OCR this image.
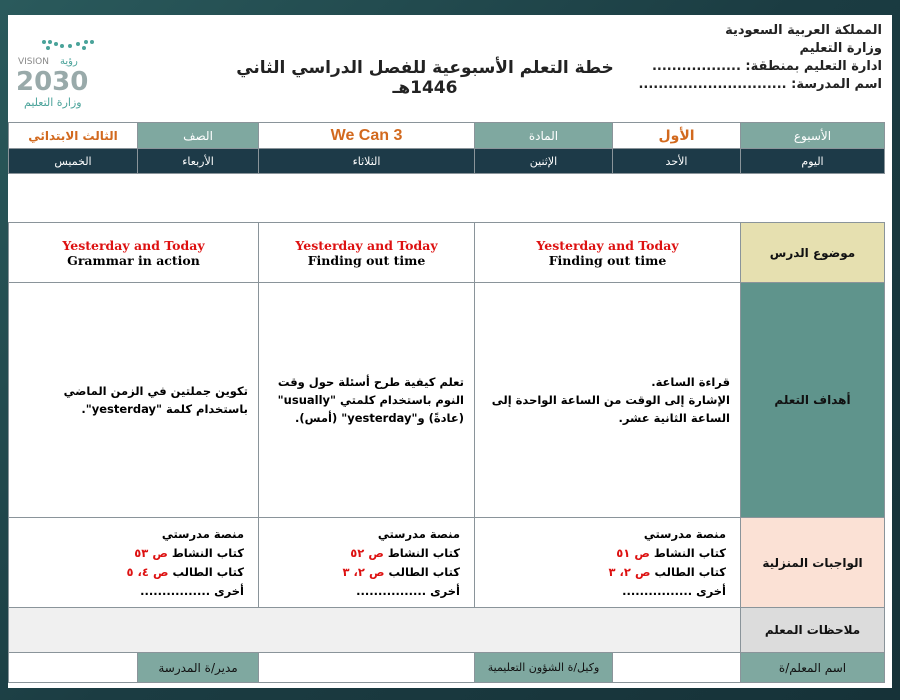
المملكة العربية السعودية
وزارة التعليم
ادارة التعليم بمنطقة: ..................
اسم المدرسة: ..............................
خطة التعلم الأسبوعية للفصل الدراسي الثاني 1446هـ
VISION رؤية
2030
وزارة التعليم
الأسبوع
الأول
المادة
We Can 3
الصف
الثالث الابتدائي
اليوم
الأحد
الإثنين
الثلاثاء
الأربعاء
الخميس
موضوع الدرس
Yesterday and Today
Finding out time
Yesterday and Today
Finding out time
Yesterday and Today
Grammar in action
أهداف التعلم
قراءة الساعة.
الإشارة إلى الوقت من الساعة الواحدة إلى الساعة الثانية عشر.
تعلم كيفية طرح أسئلة حول وقت النوم باستخدام كلمتي "usually" (عادةً) و"yesterday" (أمس).
تكوين جملتين في الزمن الماضي باستخدام كلمة "yesterday".
الواجبات المنزلية
منصة مدرستي
كتاب النشاط ص ٥١
كتاب الطالب ص ٢، ٣
أخرى ................
منصة مدرستي
كتاب النشاط ص ٥٢
كتاب الطالب ص ٢، ٣
أخرى ................
منصة مدرستي
كتاب النشاط ص ٥٣
كتاب الطالب ص ٤، ٥
أخرى ................
ملاحظات المعلم
اسم المعلم/ة
وكيل/ة الشؤون التعليمية
مدير/ة المدرسة
